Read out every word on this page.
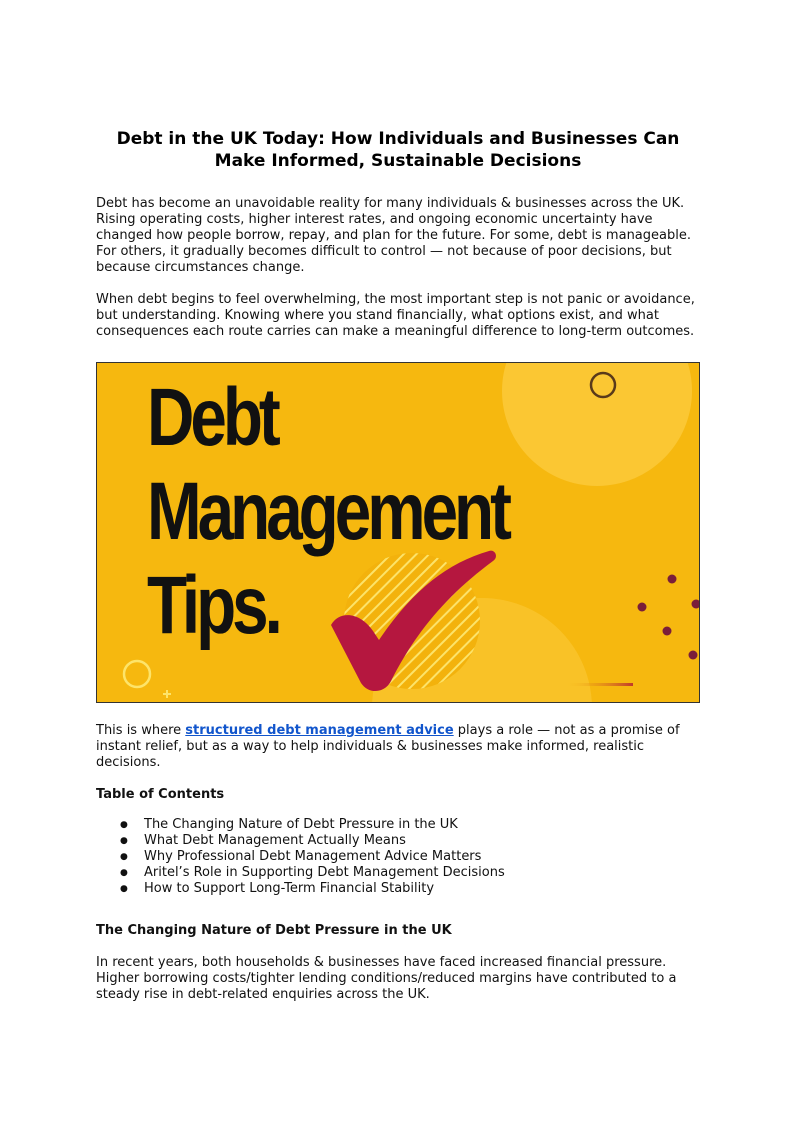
Debt in the UK Today: How Individuals and Businesses Can Make Informed, Sustainable Decisions

Debt has become an unavoidable reality for many individuals & businesses across the UK. Rising operating costs, higher interest rates, and ongoing economic uncertainty have changed how people borrow, repay, and plan for the future. For some, debt is manageable. For others, it gradually becomes difficult to control — not because of poor decisions, but because circumstances change.

When debt begins to feel overwhelming, the most important step is not panic or avoidance, but understanding. Knowing where you stand financially, what options exist, and what consequences each route carries can make a meaningful difference to long-term outcomes.

Debt
Management
Tips.

This is where structured debt management advice plays a role — not as a promise of instant relief, but as a way to help individuals & businesses make informed, realistic decisions.

Table of Contents
● The Changing Nature of Debt Pressure in the UK
● What Debt Management Actually Means
● Why Professional Debt Management Advice Matters
● Aritel’s Role in Supporting Debt Management Decisions
● How to Support Long-Term Financial Stability
The Changing Nature of Debt Pressure in the UK

In recent years, both households & businesses have faced increased financial pressure. Higher borrowing costs/tighter lending conditions/reduced margins have contributed to a steady rise in debt-related enquiries across the UK.
